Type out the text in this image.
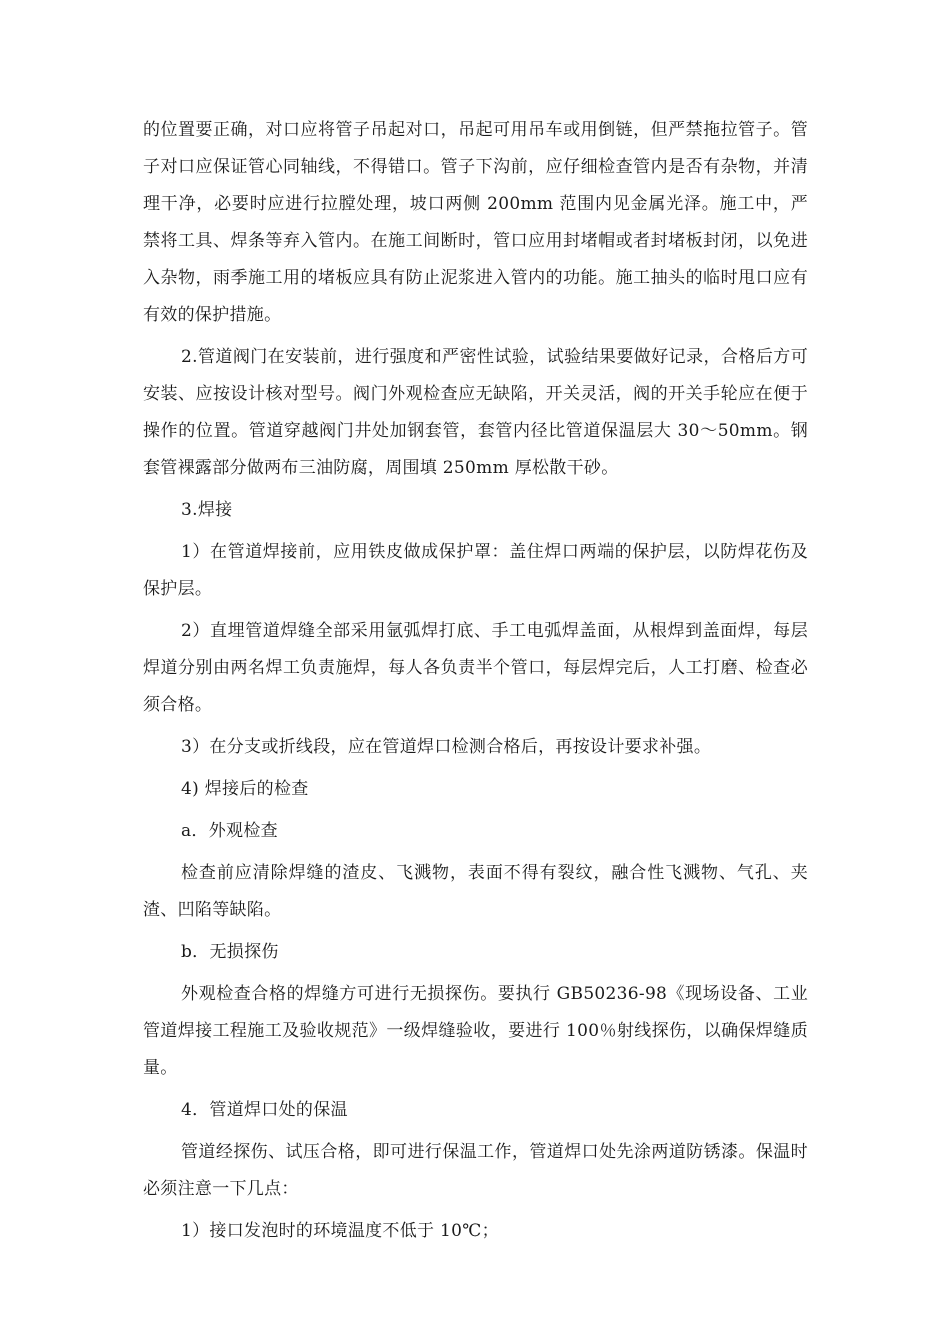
的位置要正确，对口应将管子吊起对口，吊起可用吊车或用倒链，但严禁拖拉管子。管子对口应保证管心同轴线，不得错口。管子下沟前，应仔细检查管内是否有杂物，并清理干净，必要时应进行拉膛处理，坡口两侧 200mm 范围内见金属光泽。施工中，严禁将工具、焊条等弃入管内。在施工间断时，管口应用封堵帽或者封堵板封闭，以免进入杂物，雨季施工用的堵板应具有防止泥浆进入管内的功能。施工抽头的临时甩口应有有效的保护措施。

2.管道阀门在安装前，进行强度和严密性试验，试验结果要做好记录，合格后方可安装、应按设计核对型号。阀门外观检查应无缺陷，开关灵活，阀的开关手轮应在便于操作的位置。管道穿越阀门井处加钢套管，套管内径比管道保温层大 30～50mm。钢套管裸露部分做两布三油防腐，周围填 250mm 厚松散干砂。

3.焊接

1）在管道焊接前，应用铁皮做成保护罩：盖住焊口两端的保护层，以防焊花伤及保护层。

2）直埋管道焊缝全部采用氩弧焊打底、手工电弧焊盖面，从根焊到盖面焊，每层焊道分别由两名焊工负责施焊，每人各负责半个管口，每层焊完后，人工打磨、检查必须合格。

3）在分支或折线段，应在管道焊口检测合格后，再按设计要求补强。

4) 焊接后的检查

a．外观检查

检查前应清除焊缝的渣皮、飞溅物，表面不得有裂纹，融合性飞溅物、气孔、夹渣、凹陷等缺陷。

b．无损探伤

外观检查合格的焊缝方可进行无损探伤。要执行 GB50236-98《现场设备、工业管道焊接工程施工及验收规范》一级焊缝验收，要进行 100％射线探伤，以确保焊缝质量。

4．管道焊口处的保温

管道经探伤、试压合格，即可进行保温工作，管道焊口处先涂两道防锈漆。保温时必须注意一下几点：

1）接口发泡时的环境温度不低于 10℃；
